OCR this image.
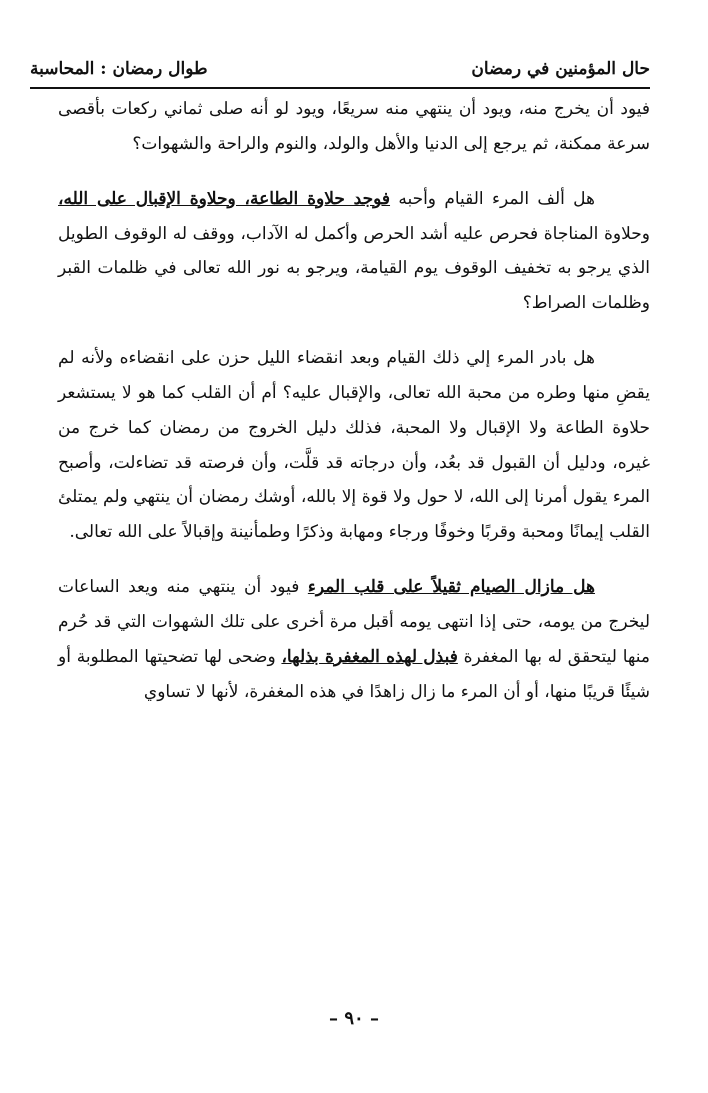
حال المؤمنين في رمضان
طوال رمضان : المحاسبة

فيود أن يخرج منه، ويود أن ينتهي منه سريعًا، ويود لو أنه صلى ثماني ركعات بأقصى سرعة ممكنة، ثم يرجع إلى الدنيا والأهل والولد، والنوم والراحة والشهوات؟

هل ألف المرء القيام وأحبه فوجد حلاوة الطاعة، وحلاوة الإقبال على الله، وحلاوة المناجاة فحرص عليه أشد الحرص وأكمل له الآداب، ووقف له الوقوف الطويل الذي يرجو به تخفيف الوقوف يوم القيامة، ويرجو به نور الله تعالى في ظلمات القبر وظلمات الصراط؟

هل بادر المرء إلي ذلك القيام وبعد انقضاء الليل حزن على انقضاءه ولأنه لم يقضِ منها وطره من محبة الله تعالى، والإقبال عليه؟ أم أن القلب كما هو لا يستشعر حلاوة الطاعة ولا الإقبال ولا المحبة، فذلك دليل الخروج من رمضان كما خرج من غيره، ودليل أن القبول قد بعُد، وأن درجاته قد قلَّت، وأن فرصته قد تضاءلت، وأصبح المرء يقول أمرنا إلى الله، لا حول ولا قوة إلا بالله، أوشك رمضان أن ينتهي ولم يمتلئ القلب إيمانًا ومحبة وقربًا وخوفًا ورجاء ومهابة وذكرًا وطمأنينة وإقبالاً على الله تعالى.

هل مازال الصيام ثقيلاً على قلب المرء فيود أن ينتهي منه ويعد الساعات ليخرج من يومه، حتى إذا انتهى يومه أقبل مرة أخرى على تلك الشهوات التي قد حُرم منها ليتحقق له بها المغفرة فبذل لهذه المغفرة بذلها، وضحى لها تضحيتها المطلوبة أو شيئًا قريبًا منها، أو أن المرء ما زال زاهدًا في هذه المغفرة، لأنها لا تساوي

– ٩٠ –
